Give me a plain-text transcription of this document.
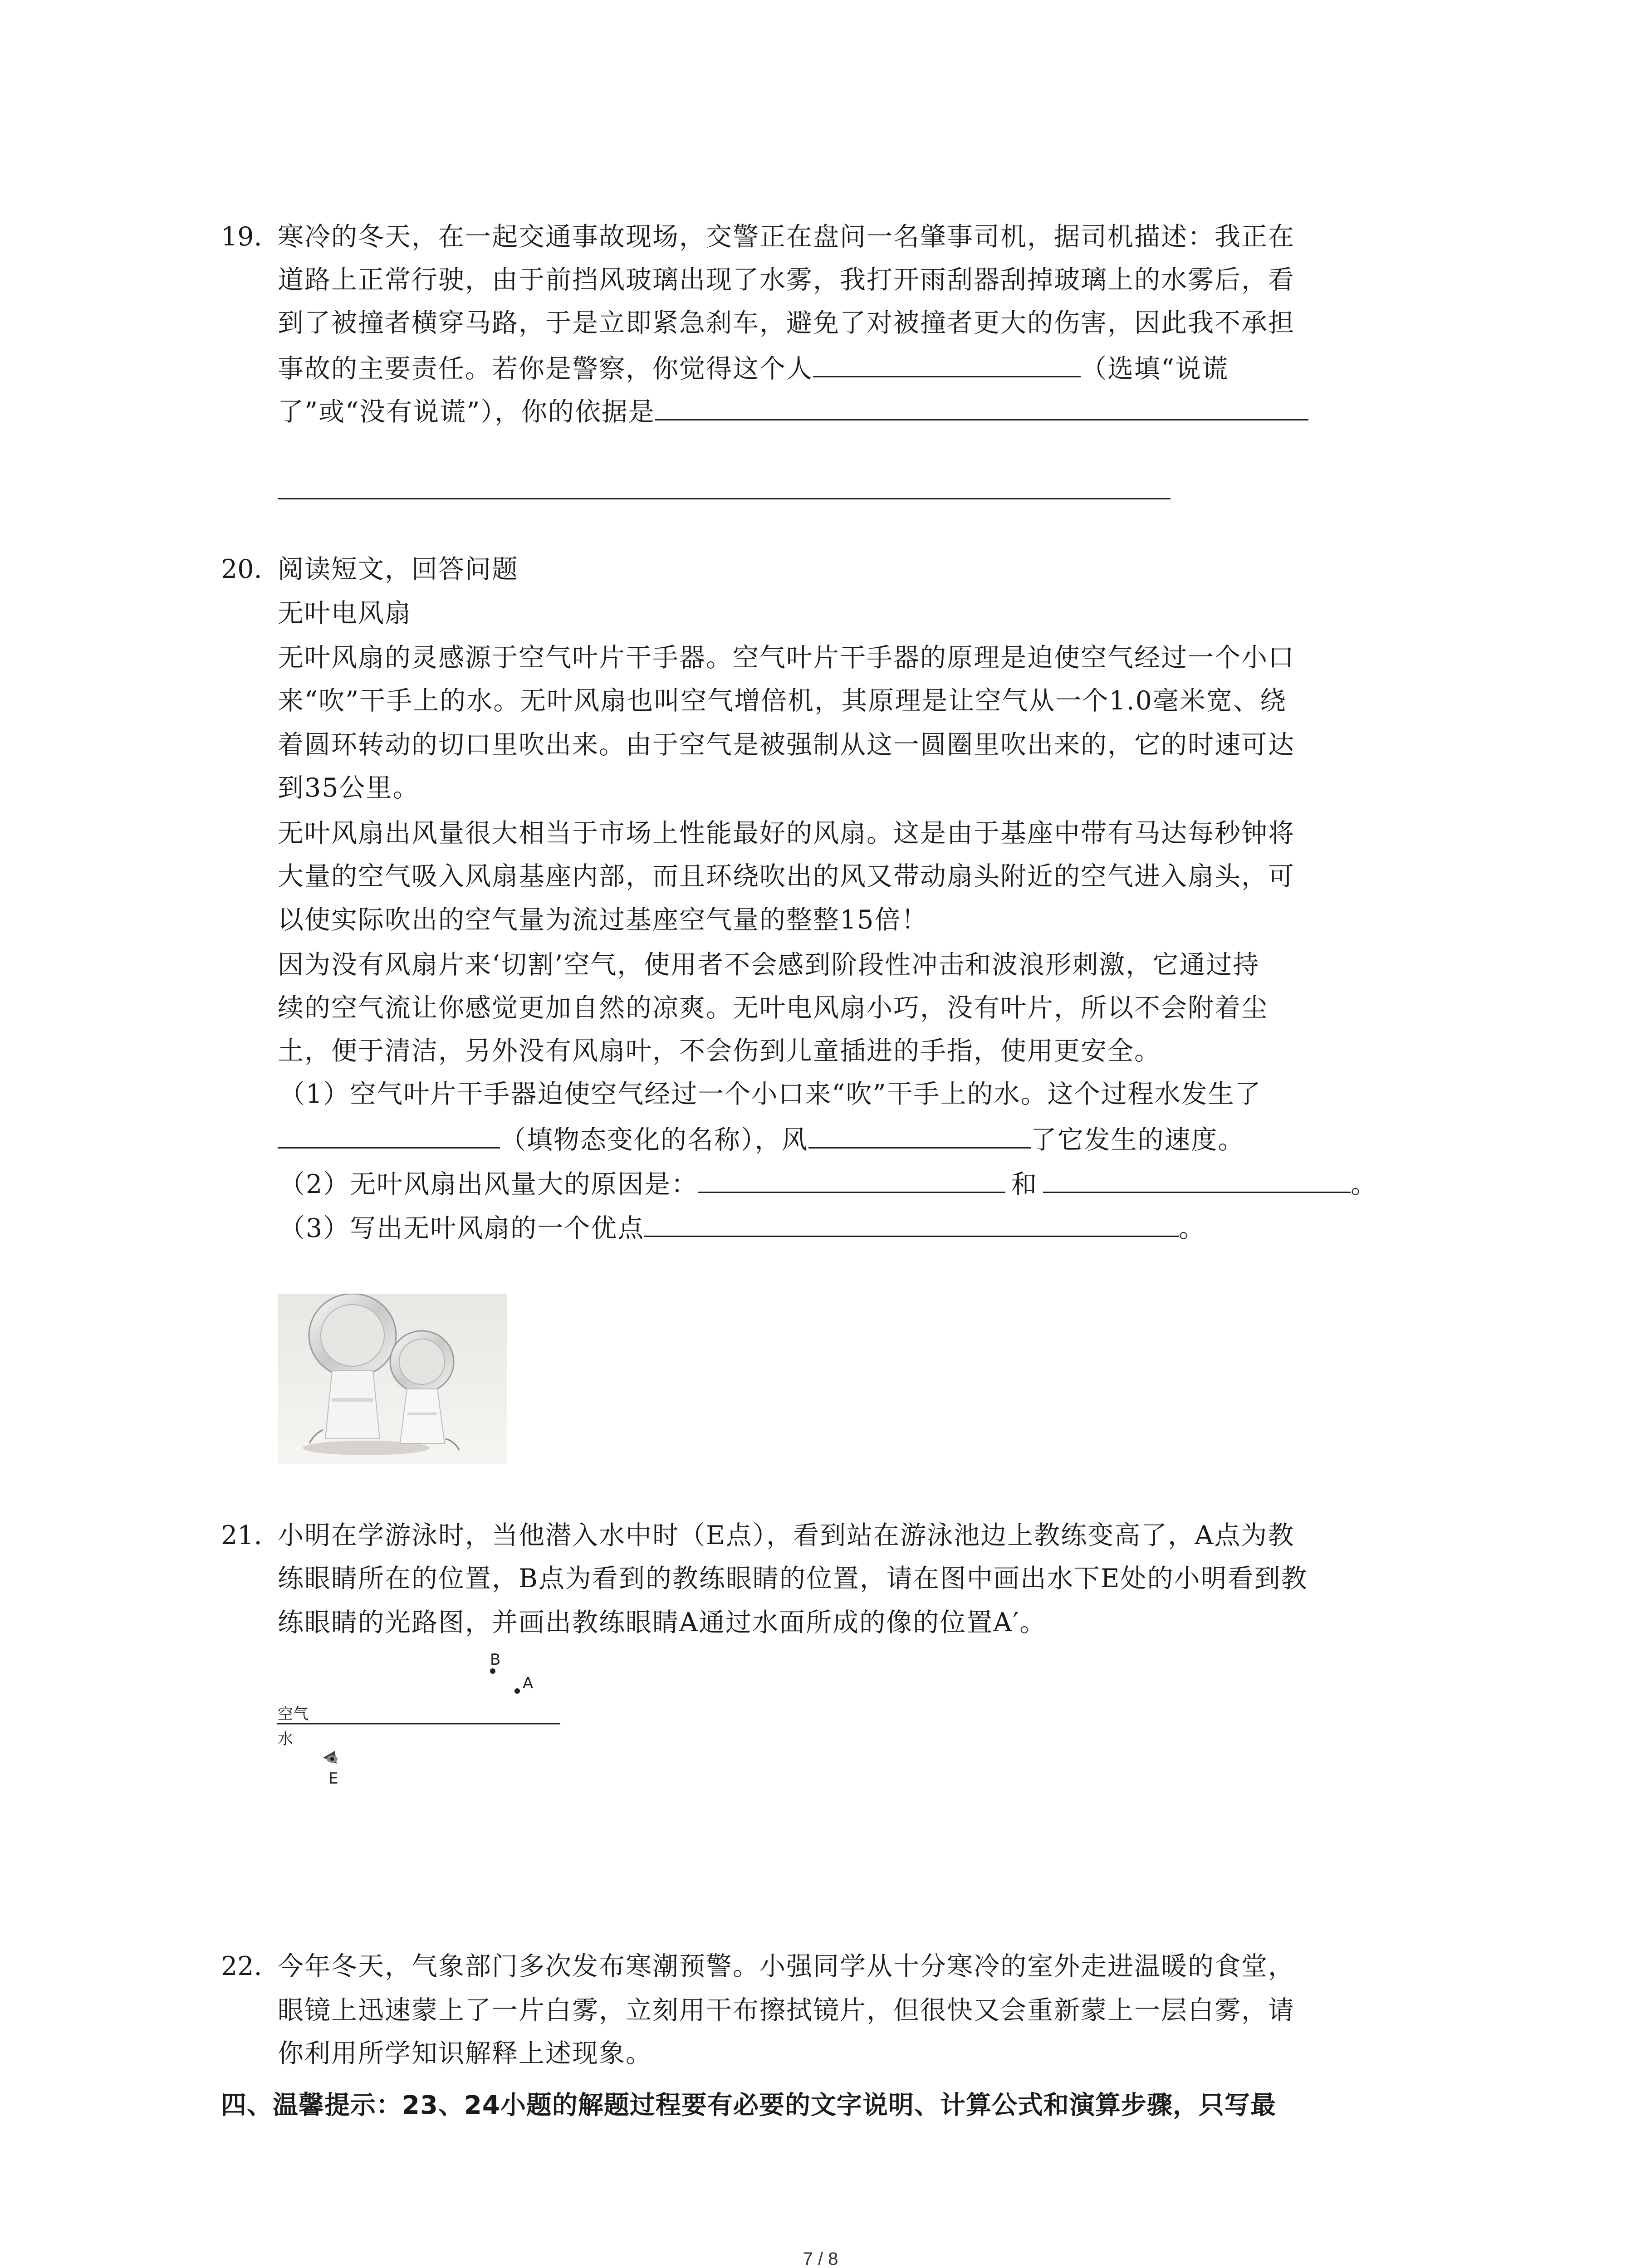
19. 寒冷的冬天，在一起交通事故现场，交警正在盘问一名肇事司机，据司机描述：我正在
道路上正常行驶，由于前挡风玻璃出现了水雾，我打开雨刮器刮掉玻璃上的水雾后，看
到了被撞者横穿马路，于是立即紧急刹车，避免了对被撞者更大的伤害，因此我不承担
事故的主要责任。若你是警察，你觉得这个人	（选填“说谎
了”或“没有说谎”），你的依据是
20. 阅读短文，回答问题
无叶电风扇
无叶风扇的灵感源于空气叶片干手器。空气叶片干手器的原理是迫使空气经过一个小口
来“吹”干手上的水。无叶风扇也叫空气增倍机，其原理是让空气从一个1.0毫米宽、绕
着圆环转动的切口里吹出来。由于空气是被强制从这一圆圈里吹出来的，它的时速可达
到35公里。
无叶风扇出风量很大相当于市场上性能最好的风扇。这是由于基座中带有马达每秒钟将
大量的空气吸入风扇基座内部，而且环绕吹出的风又带动扇头附近的空气进入扇头，可
以使实际吹出的空气量为流过基座空气量的整整15倍！
因为没有风扇片来‘切割’空气，使用者不会感到阶段性冲击和波浪形刺激，它通过持
续的空气流让你感觉更加自然的凉爽。无叶电风扇小巧，没有叶片，所以不会附着尘
土，便于清洁，另外没有风扇叶，不会伤到儿童插进的手指，使用更安全。
（1）空气叶片干手器迫使空气经过一个小口来“吹”干手上的水。这个过程水发生了
（填物态变化的名称），风	了它发生的速度。
（2）无叶风扇出风量大的原因是：	和	。
（3）写出无叶风扇的一个优点	。
21. 小明在学游泳时，当他潜入水中时（E点），看到站在游泳池边上教练变高了，A点为教
练眼睛所在的位置，B点为看到的教练眼睛的位置，请在图中画出水下E处的小明看到教
练眼睛的光路图，并画出教练眼睛A通过水面所成的像的位置A′。
B
A
空气
水
E
22. 今年冬天，气象部门多次发布寒潮预警。小强同学从十分寒冷的室外走进温暖的食堂，
眼镜上迅速蒙上了一片白雾，立刻用干布擦拭镜片，但很快又会重新蒙上一层白雾，请
你利用所学知识解释上述现象。
四、温馨提示：23、24小题的解题过程要有必要的文字说明、计算公式和演算步骤，只写最
7 / 8
